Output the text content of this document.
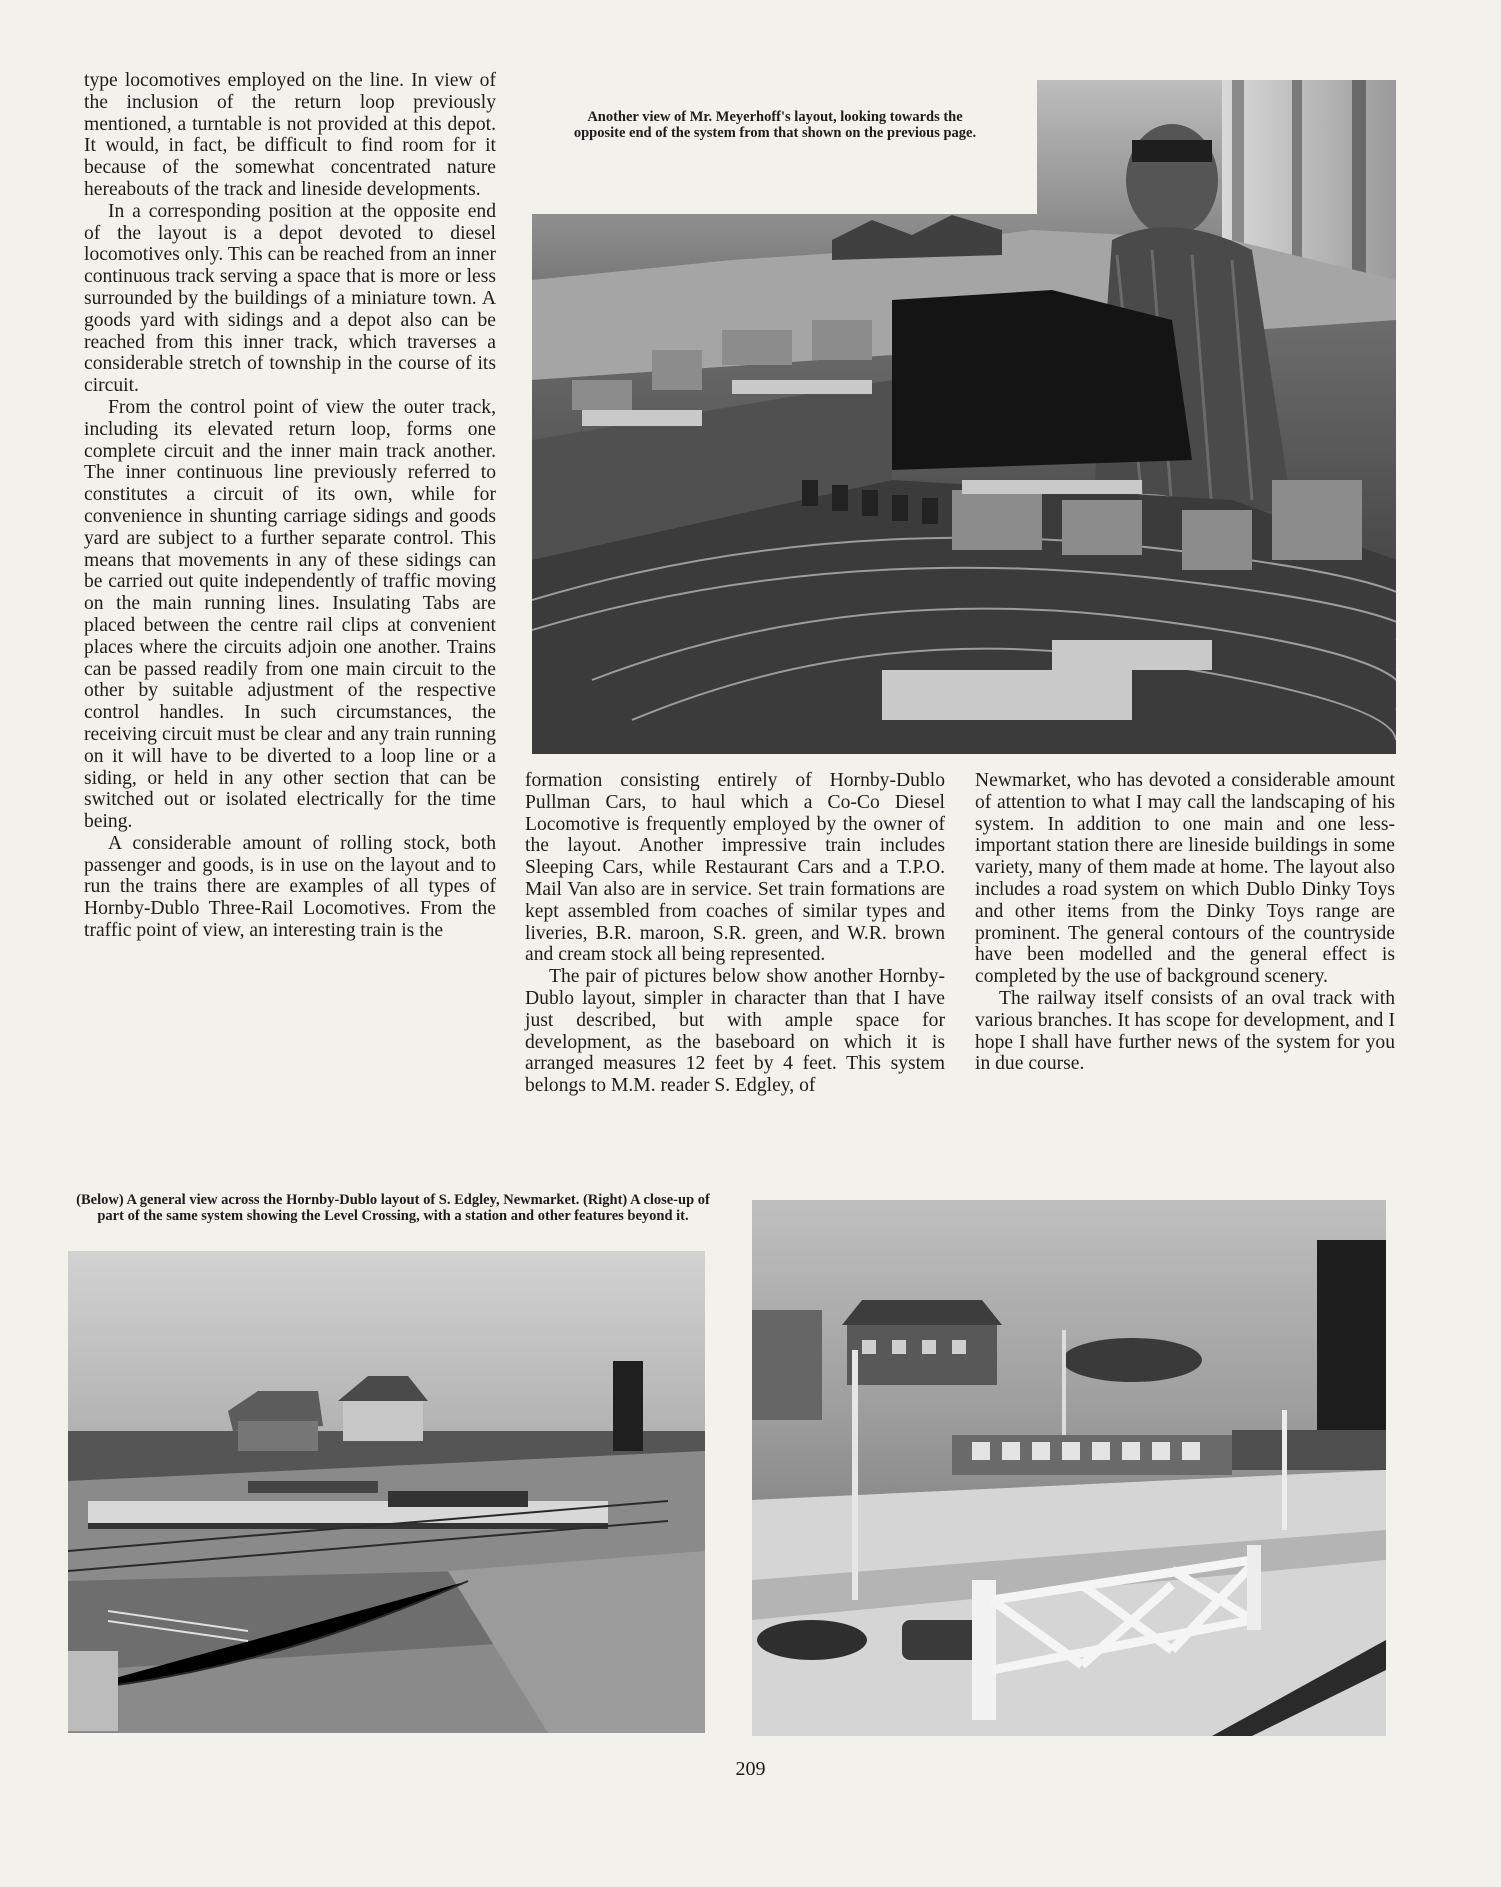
type locomotives employed on the line. In view of the inclusion of the return loop previously mentioned, a turntable is not provided at this depot. It would, in fact, be difficult to find room for it because of the somewhat concentrated nature hereabouts of the track and lineside developments.

In a corresponding position at the opposite end of the layout is a depot devoted to diesel locomotives only. This can be reached from an inner continuous track serving a space that is more or less surrounded by the buildings of a miniature town. A goods yard with sidings and a depot also can be reached from this inner track, which traverses a considerable stretch of township in the course of its circuit.

From the control point of view the outer track, including its elevated return loop, forms one complete circuit and the inner main track another. The inner continuous line previously referred to constitutes a circuit of its own, while for convenience in shunting carriage sidings and goods yard are subject to a further separate control. This means that movements in any of these sidings can be carried out quite independently of traffic moving on the main running lines. Insulating Tabs are placed between the centre rail clips at convenient places where the circuits adjoin one another. Trains can be passed readily from one main circuit to the other by suitable adjustment of the respective control handles. In such circumstances, the receiving circuit must be clear and any train running on it will have to be diverted to a loop line or a siding, or held in any other section that can be switched out or isolated electrically for the time being.

A considerable amount of rolling stock, both passenger and goods, is in use on the layout and to run the trains there are examples of all types of Hornby-Dublo Three-Rail Locomotives. From the traffic point of view, an interesting train is the

Another view of Mr. Meyerhoff's layout, looking towards the opposite end of the system from that shown on the previous page.

formation consisting entirely of Hornby-Dublo Pullman Cars, to haul which a Co-Co Diesel Locomotive is frequently employed by the owner of the layout. Another impressive train includes Sleeping Cars, while Restaurant Cars and a T.P.O. Mail Van also are in service. Set train formations are kept assembled from coaches of similar types and liveries, B.R. maroon, S.R. green, and W.R. brown and cream stock all being represented.

The pair of pictures below show another Hornby-Dublo layout, simpler in character than that I have just described, but with ample space for development, as the baseboard on which it is arranged measures 12 feet by 4 feet. This system belongs to M.M. reader S. Edgley, of

Newmarket, who has devoted a considerable amount of attention to what I may call the landscaping of his system. In addition to one main and one less-important station there are lineside buildings in some variety, many of them made at home. The layout also includes a road system on which Dublo Dinky Toys and other items from the Dinky Toys range are prominent. The general contours of the countryside have been modelled and the general effect is completed by the use of background scenery.

The railway itself consists of an oval track with various branches. It has scope for development, and I hope I shall have further news of the system for you in due course.

(Below) A general view across the Hornby-Dublo layout of S. Edgley, Newmarket. (Right) A close-up of part of the same system showing the Level Crossing, with a station and other features beyond it.
209
